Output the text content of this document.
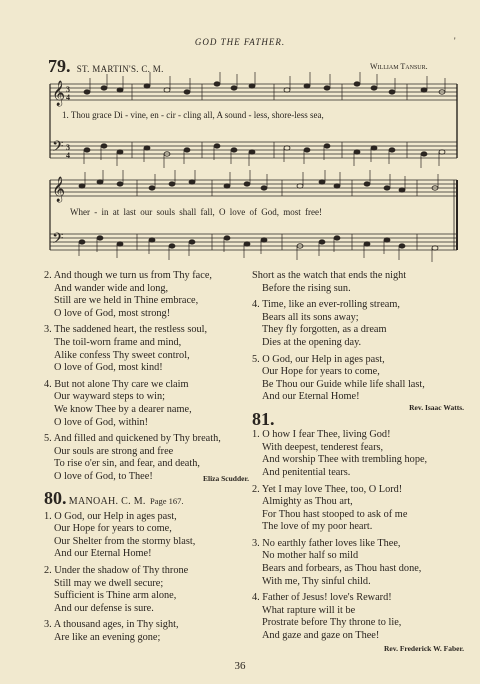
GOD THE FATHER.	'
79. ST. MARTIN'S. C. M.	William Tansur.
𝄞
𝄢
3
4
3
4
1. Thou grace Di - vine, en - cir - cling all, A sound - less, shore-less sea,
𝄞
𝄢
Wher - in at last our souls shall fall, O love of God, most free!
2. And though we turn us from Thy face,
And wander wide and long,
Still are we held in Thine embrace,
O love of God, most strong!
3. The saddened heart, the restless soul,
The toil-worn frame and mind,
Alike confess Thy sweet control,
O love of God, most kind!
4. But not alone Thy care we claim
Our wayward steps to win;
We know Thee by a dearer name,
O love of God, within!
5. And filled and quickened by Thy breath,
Our souls are strong and free
To rise o'er sin, and fear, and death,
O love of God, to Thee!	Eliza Scudder.
80. MANOAH. C. M. Page 167.
1. O God, our Help in ages past,
Our Hope for years to come,
Our Shelter from the stormy blast,
And our Eternal Home!
2. Under the shadow of Thy throne
Still may we dwell secure;
Sufficient is Thine arm alone,
And our defense is sure.
3. A thousand ages, in Thy sight,
Are like an evening gone;
Short as the watch that ends the night
Before the rising sun.
4. Time, like an ever-rolling stream,
Bears all its sons away;
They fly forgotten, as a dream
Dies at the opening day.
5. O God, our Help in ages past,
Our Hope for years to come,
Be Thou our Guide while life shall last,
And our Eternal Home!
Rev. Isaac Watts.
81.
1. O how I fear Thee, living God!
With deepest, tenderest fears,
And worship Thee with trembling hope,
And penitential tears.
2. Yet I may love Thee, too, O Lord!
Almighty as Thou art,
For Thou hast stooped to ask of me
The love of my poor heart.
3. No earthly father loves like Thee,
No mother half so mild
Bears and forbears, as Thou hast done,
With me, Thy sinful child.
4. Father of Jesus! love's Reward!
What rapture will it be
Prostrate before Thy throne to lie,
And gaze and gaze on Thee!
Rev. Frederick W. Faber.
36
